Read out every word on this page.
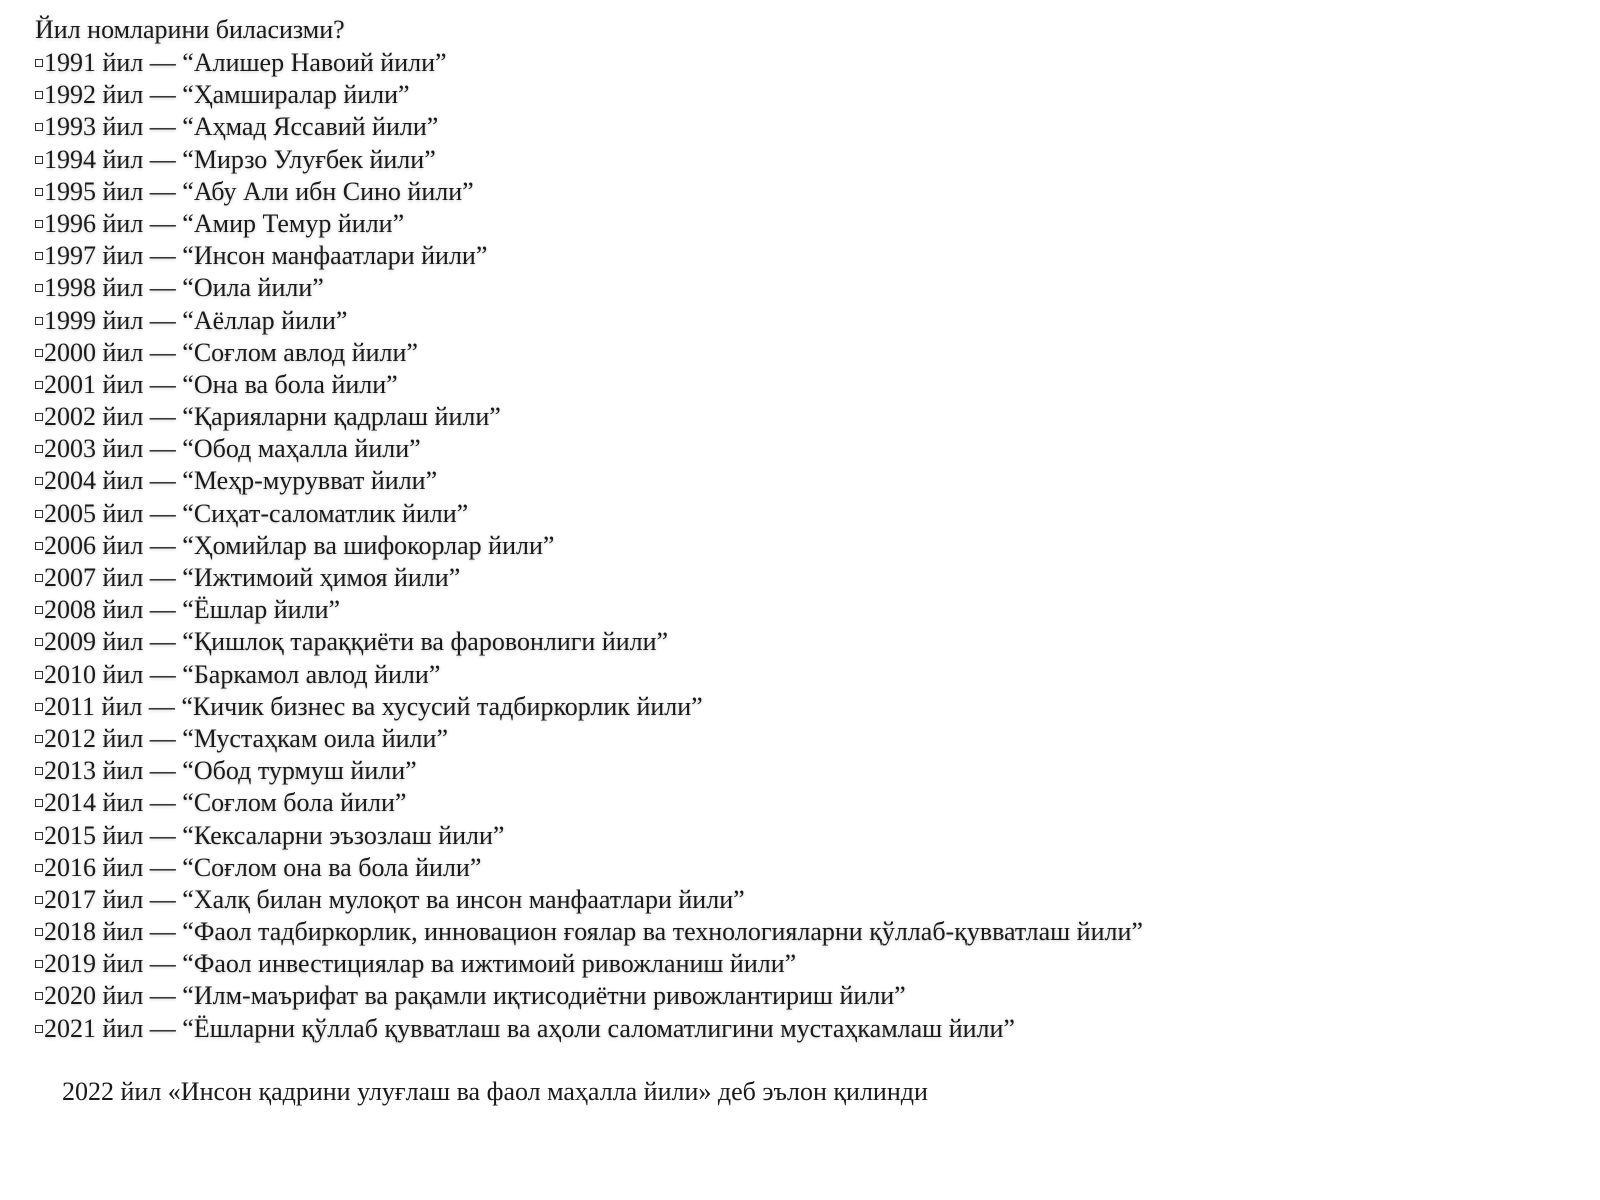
Йил номларини биласизми?
1991 йил — “Алишер Навоий йили”
1992 йил — “Ҳамширалар йили”
1993 йил — “Аҳмад Яссавий йили”
1994 йил — “Мирзо Улуғбек йили”
1995 йил — “Абу Али ибн Сино йили”
1996 йил — “Амир Темур йили”
1997 йил — “Инсон манфаатлари йили”
1998 йил — “Оила йили”
1999 йил — “Аёллар йили”
2000 йил — “Соғлом авлод йили”
2001 йил — “Она ва бола йили”
2002 йил — “Қарияларни қадрлаш йили”
2003 йил — “Обод маҳалла йили”
2004 йил — “Меҳр-мурувват йили”
2005 йил — “Сиҳат-саломатлик йили”
2006 йил — “Ҳомийлар ва шифокорлар йили”
2007 йил — “Ижтимоий ҳимоя йили”
2008 йил — “Ёшлар йили”
2009 йил — “Қишлоқ тараққиёти ва фаровонлиги йили”
2010 йил — “Баркамол авлод йили”
2011 йил — “Кичик бизнес ва хусусий тадбиркорлик йили”
2012 йил — “Мустаҳкам оила йили”
2013 йил — “Обод турмуш йили”
2014 йил — “Соғлом бола йили”
2015 йил — “Кексаларни эъзозлаш йили”
2016 йил — “Соғлом она ва бола йили”
2017 йил — “Халқ билан мулоқот ва инсон манфаатлари йили”
2018 йил — “Фаол тадбиркорлик, инновацион ғоялар ва технологияларни қўллаб-қувватлаш йили”
2019 йил — “Фаол инвестициялар ва ижтимоий ривожланиш йили”
2020 йил — “Илм-маърифат ва рақамли иқтисодиётни ривожлантириш йили”
2021 йил — “Ёшларни қўллаб қувватлаш ва аҳоли саломатлигини мустаҳкамлаш йили”
2022 йил «Инсон қадрини улуғлаш ва фаол маҳалла йили» деб эълон қилинди
